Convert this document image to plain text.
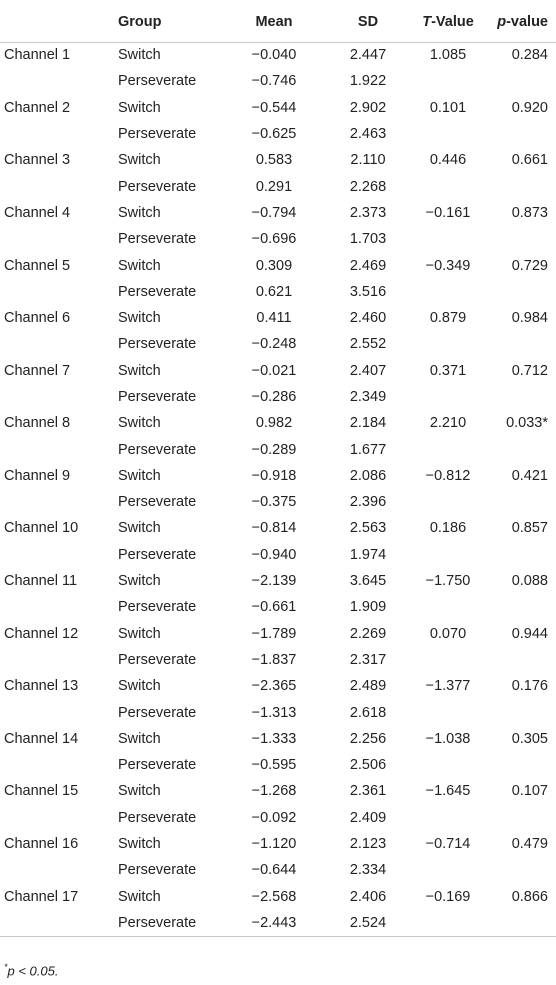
	Group	Mean	SD	T-Value	p-value
Channel 1	Switch	−0.040	2.447	1.085	0.284
	Perseverate	−0.746	1.922		
Channel 2	Switch	−0.544	2.902	0.101	0.920
	Perseverate	−0.625	2.463		
Channel 3	Switch	0.583	2.110	0.446	0.661
	Perseverate	0.291	2.268		
Channel 4	Switch	−0.794	2.373	−0.161	0.873
	Perseverate	−0.696	1.703		
Channel 5	Switch	0.309	2.469	−0.349	0.729
	Perseverate	0.621	3.516		
Channel 6	Switch	0.411	2.460	0.879	0.984
	Perseverate	−0.248	2.552		
Channel 7	Switch	−0.021	2.407	0.371	0.712
	Perseverate	−0.286	2.349		
Channel 8	Switch	0.982	2.184	2.210	0.033*
	Perseverate	−0.289	1.677		
Channel 9	Switch	−0.918	2.086	−0.812	0.421
	Perseverate	−0.375	2.396		
Channel 10	Switch	−0.814	2.563	0.186	0.857
	Perseverate	−0.940	1.974		
Channel 11	Switch	−2.139	3.645	−1.750	0.088
	Perseverate	−0.661	1.909		
Channel 12	Switch	−1.789	2.269	0.070	0.944
	Perseverate	−1.837	2.317		
Channel 13	Switch	−2.365	2.489	−1.377	0.176
	Perseverate	−1.313	2.618		
Channel 14	Switch	−1.333	2.256	−1.038	0.305
	Perseverate	−0.595	2.506		
Channel 15	Switch	−1.268	2.361	−1.645	0.107
	Perseverate	−0.092	2.409		
Channel 16	Switch	−1.120	2.123	−0.714	0.479
	Perseverate	−0.644	2.334		
Channel 17	Switch	−2.568	2.406	−0.169	0.866
	Perseverate	−2.443	2.524		
*p < 0.05.
